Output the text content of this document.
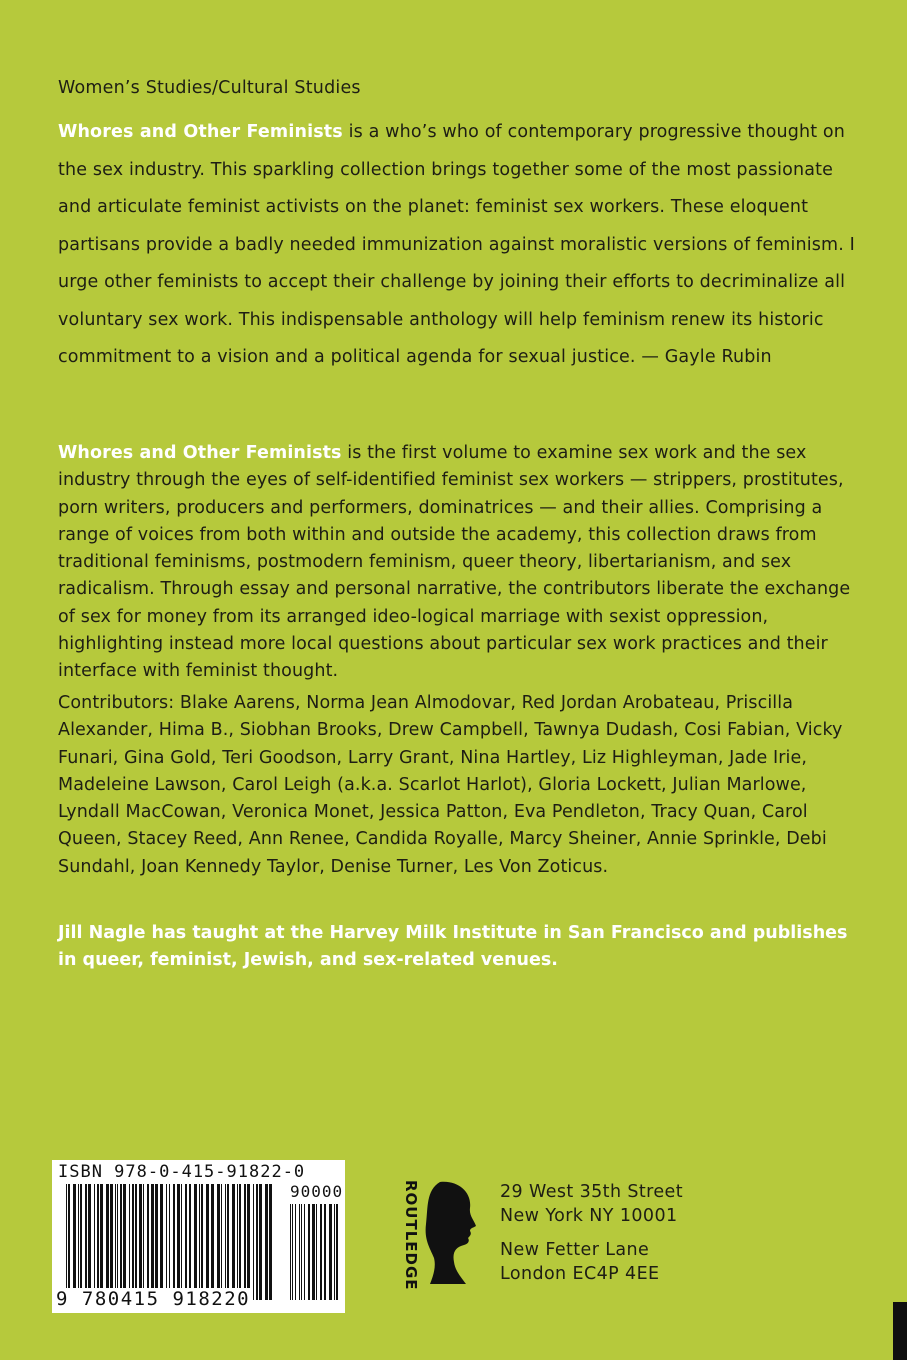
Women’s Studies/Cultural Studies
Whores and Other Feminists is a who’s who of contemporary progressive thought on the sex industry. This sparkling collection brings together some of the most passionate and articulate feminist activists on the planet: feminist sex workers. These eloquent partisans provide a badly needed immunization against moralistic versions of feminism. I urge other feminists to accept their challenge by joining their efforts to decriminalize all voluntary sex work. This indispensable anthology will help feminism renew its historic commitment to a vision and a political agenda for sexual justice. — Gayle Rubin
Whores and Other Feminists is the first volume to examine sex work and the sex industry through the eyes of self-identified feminist sex workers — strippers, prostitutes, porn writers, producers and performers, dominatrices — and their allies. Comprising a range of voices from both within and outside the academy, this collection draws from traditional feminisms, postmodern feminism, queer theory, libertarianism, and sex radicalism. Through essay and personal narrative, the contributors liberate the exchange of sex for money from its arranged ideo-logical marriage with sexist oppression, highlighting instead more local questions about particular sex work practices and their interface with feminist thought.
Contributors: Blake Aarens, Norma Jean Almodovar, Red Jordan Arobateau, Priscilla Alexander, Hima B., Siobhan Brooks, Drew Campbell, Tawnya Dudash, Cosi Fabian, Vicky Funari, Gina Gold, Teri Goodson, Larry Grant, Nina Hartley, Liz Highleyman, Jade Irie, Madeleine Lawson, Carol Leigh (a.k.a. Scarlot Harlot), Gloria Lockett, Julian Marlowe, Lyndall MacCowan, Veronica Monet, Jessica Patton, Eva Pendleton, Tracy Quan, Carol Queen, Stacey Reed, Ann Renee, Candida Royalle, Marcy Sheiner, Annie Sprinkle, Debi Sundahl, Joan Kennedy Taylor, Denise Turner, Les Von Zoticus.
Jill Nagle has taught at the Harvey Milk Institute in San Francisco and publishes in queer, feminist, Jewish, and sex-related venues.
ISBN 978-0-415-91822-0
90000
9 780415 918220
ROUTLEDGE	29 West 35th Street
New York NY 10001
New Fetter Lane
London EC4P 4EE
